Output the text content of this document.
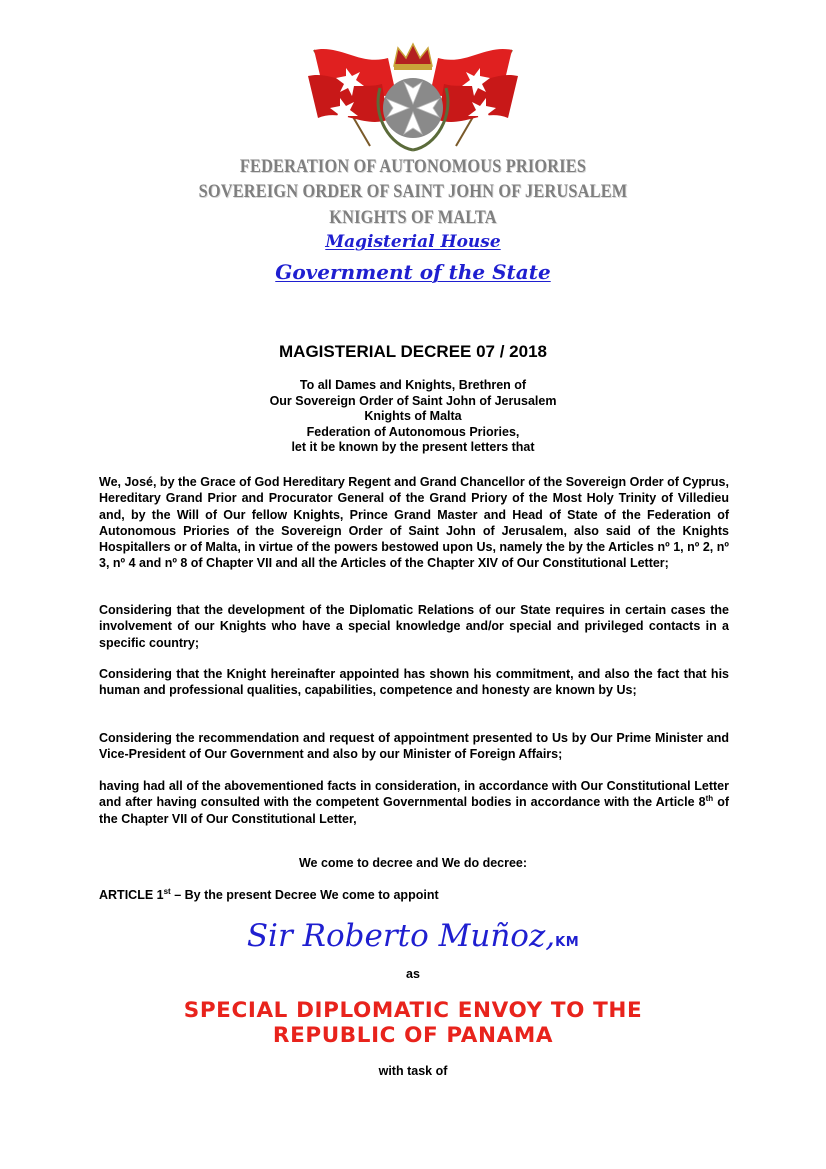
FEDERATION OF AUTONOMOUS PRIORIES
SOVEREIGN ORDER OF SAINT JOHN OF JERUSALEM
KNIGHTS OF MALTA
Magisterial House
Government of the State
MAGISTERIAL DECREE 07 / 2018
To all Dames and Knights, Brethren of
Our Sovereign Order of Saint John of Jerusalem
Knights of Malta
Federation of Autonomous Priories,
let it be known by the present letters that

We, José, by the Grace of God Hereditary Regent and Grand Chancellor of the Sovereign Order of Cyprus, Hereditary Grand Prior and Procurator General of the Grand Priory of the Most Holy Trinity of Villedieu and, by the Will of Our fellow Knights, Prince Grand Master and Head of State of the Federation of Autonomous Priories of the Sovereign Order of Saint John of Jerusalem, also said of the Knights Hospitallers or of Malta, in virtue of the powers bestowed upon Us, namely the by the Articles nº 1, nº 2, nº 3, nº 4 and nº 8 of Chapter VII and all the Articles of the Chapter XIV of Our Constitutional Letter;

Considering that the development of the Diplomatic Relations of our State requires in certain cases the involvement of our Knights who have a special knowledge and/or special and privileged contacts in a specific country;

Considering that the Knight hereinafter appointed has shown his commitment, and also the fact that his human and professional qualities, capabilities, competence and honesty are known by Us;

Considering the recommendation and request of appointment presented to Us by Our Prime Minister and Vice-President of Our Government and also by our Minister of Foreign Affairs;

having had all of the abovementioned facts in consideration, in accordance with Our Constitutional Letter and after having consulted with the competent Governmental bodies in accordance with the Article 8th of the Chapter VII of Our Constitutional Letter,

We come to decree and We do decree:
ARTICLE 1st – By the present Decree We come to appoint
Sir Roberto Muñoz,KM
as
SPECIAL DIPLOMATIC ENVOY TO THE
REPUBLIC OF PANAMA
with task of
